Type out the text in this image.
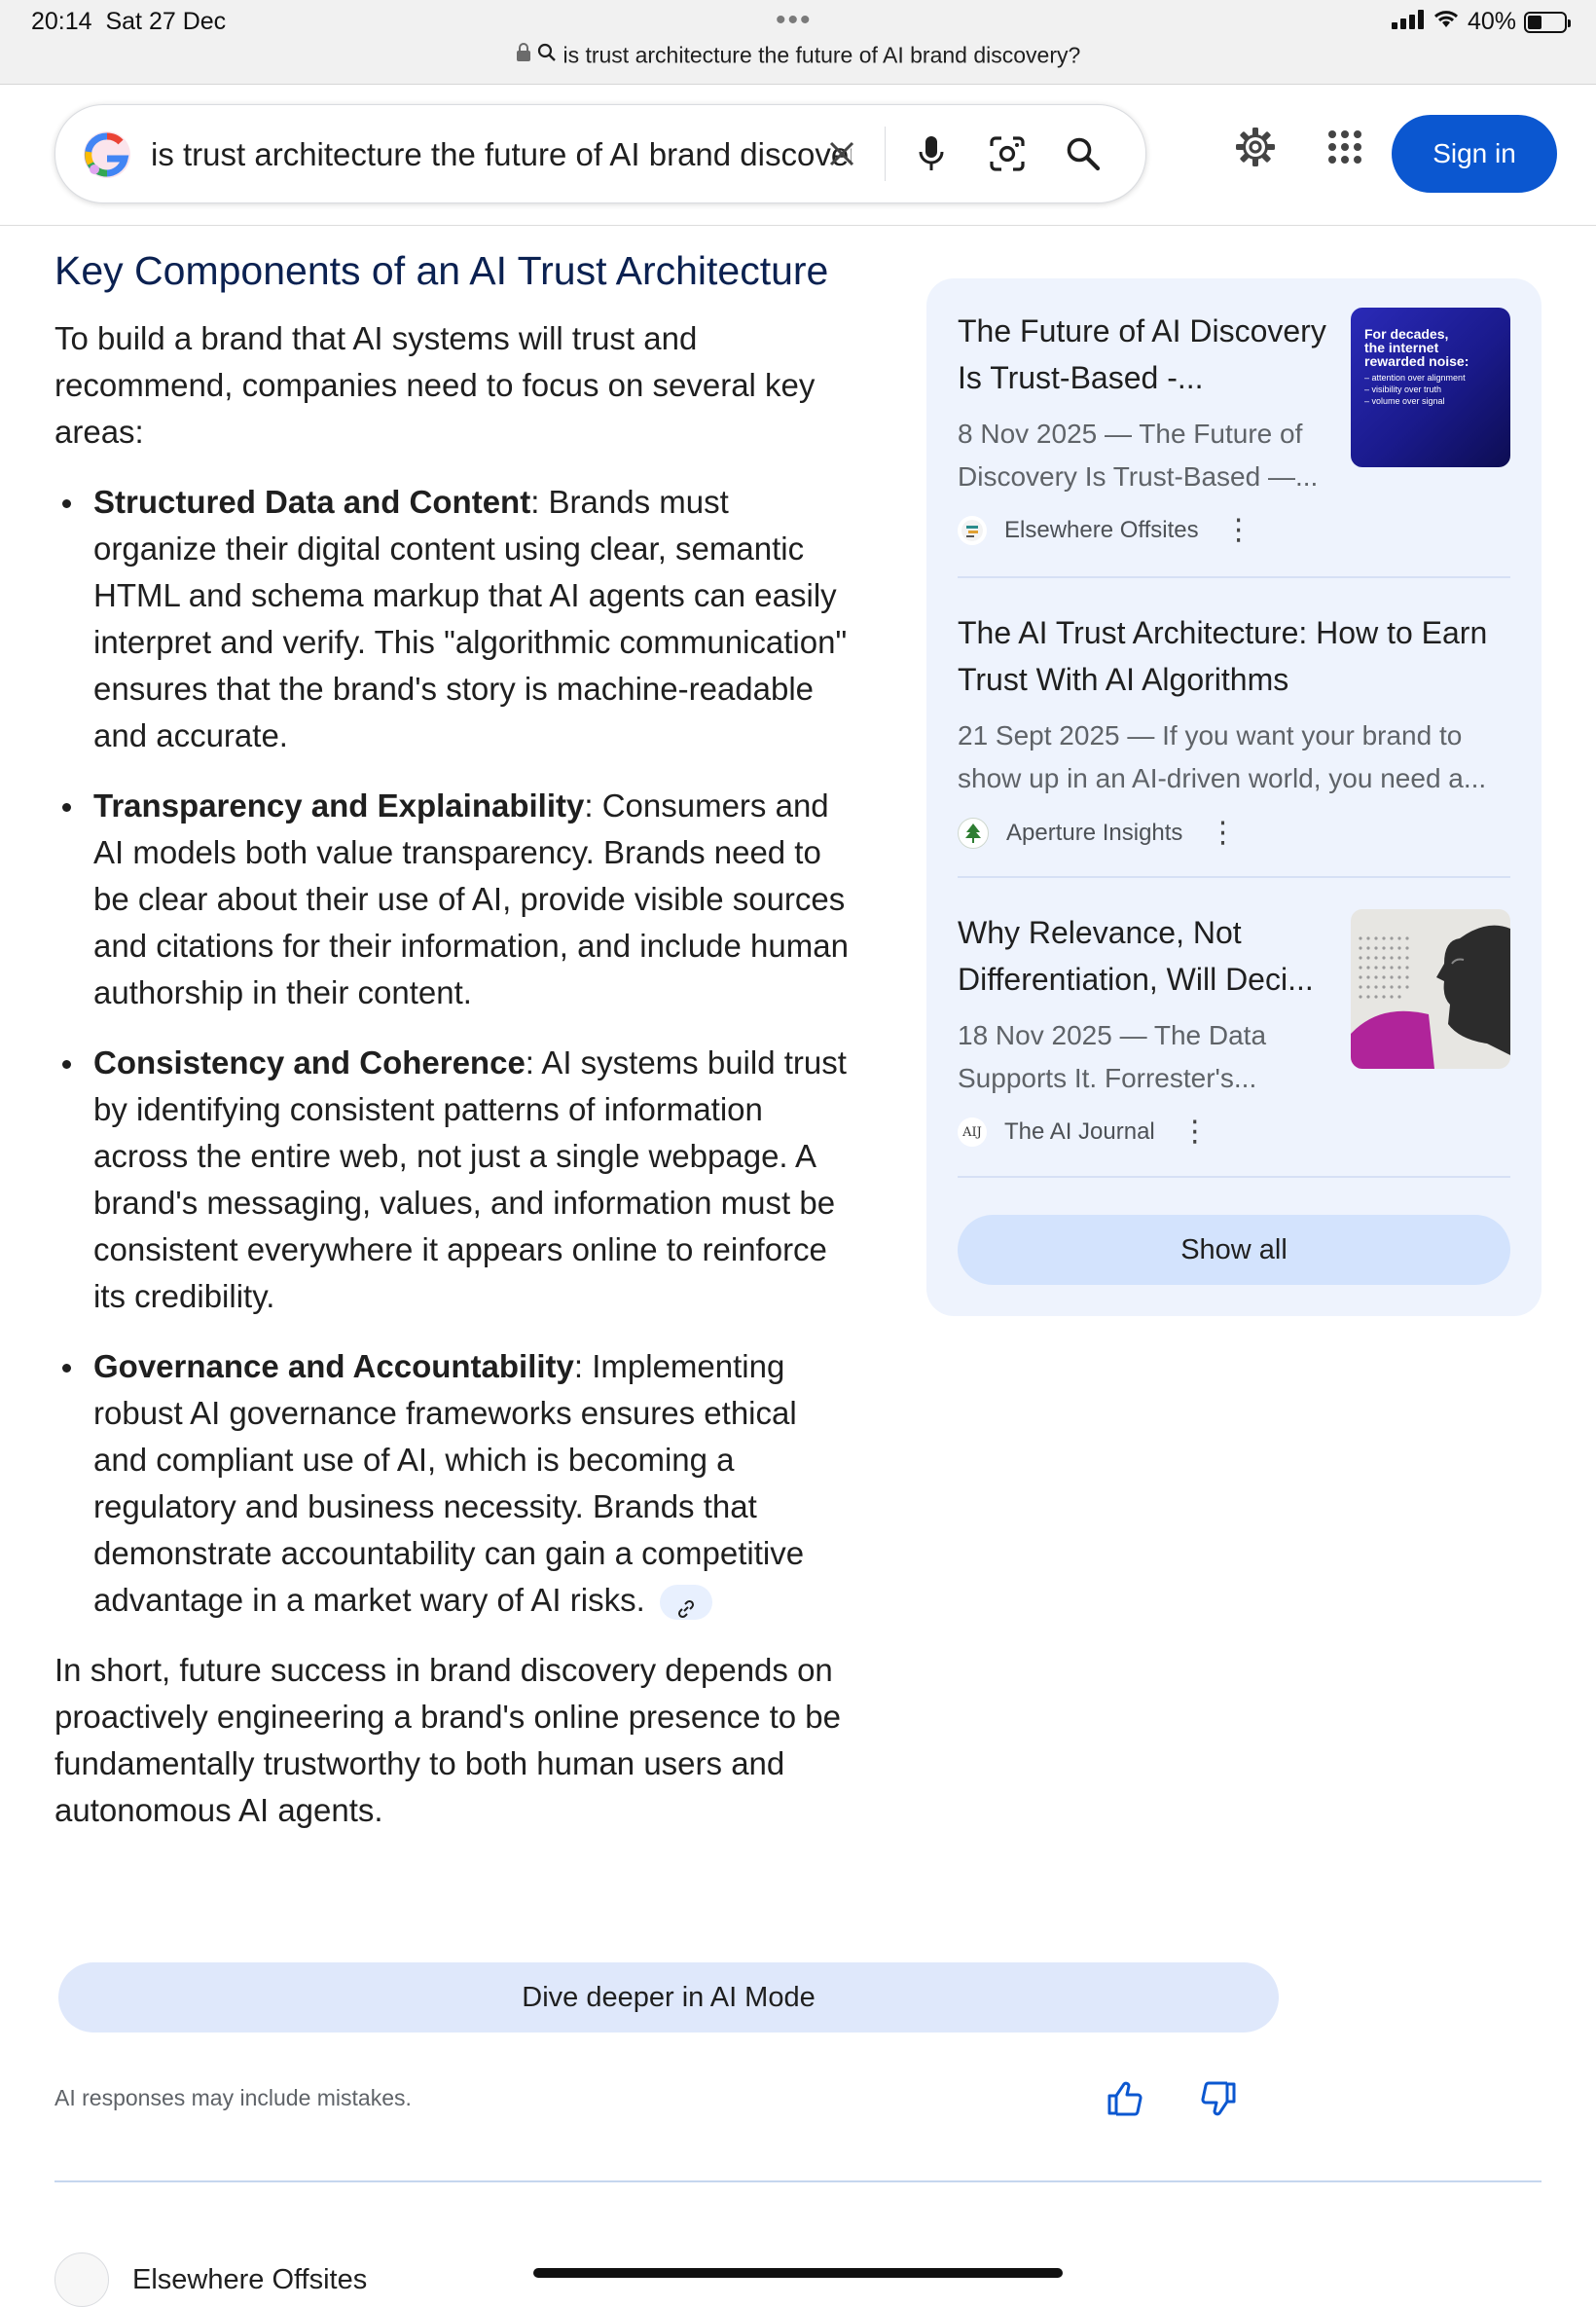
20:14 Sat 27 Dec	•••
is trust architecture the future of AI brand discovery?
40%
is trust architecture the future of AI brand discovery?
Sign in
Key Components of an AI Trust Architecture

To build a brand that AI systems will trust and recommend, companies need to focus on several key areas:

Structured Data and Content: Brands must organize their digital content using clear, semantic HTML and schema markup that AI agents can easily interpret and verify. This "algorithmic communication" ensures that the brand's story is machine-readable and accurate.
Transparency and Explainability: Consumers and AI models both value transparency. Brands need to be clear about their use of AI, provide visible sources and citations for their information, and include human authorship in their content.
Consistency and Coherence: AI systems build trust by identifying consistent patterns of information across the entire web, not just a single webpage. A brand's messaging, values, and information must be consistent everywhere it appears online to reinforce its credibility.
Governance and Accountability: Implementing robust AI governance frameworks ensures ethical and compliant use of AI, which is becoming a regulatory and business necessity. Brands that demonstrate accountability can gain a competitive advantage in a market wary of AI risks.

In short, future success in brand discovery depends on proactively engineering a brand's online presence to be fundamentally trustworthy to both human users and autonomous AI agents.

Dive deeper in AI Mode
AI responses may include mistakes.
Elsewhere Offsites
The Future of AI Discovery Is Trust-Based -...
8 Nov 2025 — The Future of Discovery Is Trust-Based —...
Elsewhere Offsites ⋮
For decades,
the internet
rewarded noise:
– attention over alignment
– visibility over truth
– volume over signal
The AI Trust Architecture: How to Earn Trust With AI Algorithms
21 Sept 2025 — If you want your brand to show up in an AI-driven world, you need a...
Aperture Insights ⋮
Why Relevance, Not Differentiation, Will Deci...
18 Nov 2025 — The Data Supports It. Forrester's...
AIJ The AI Journal ⋮
Show all
